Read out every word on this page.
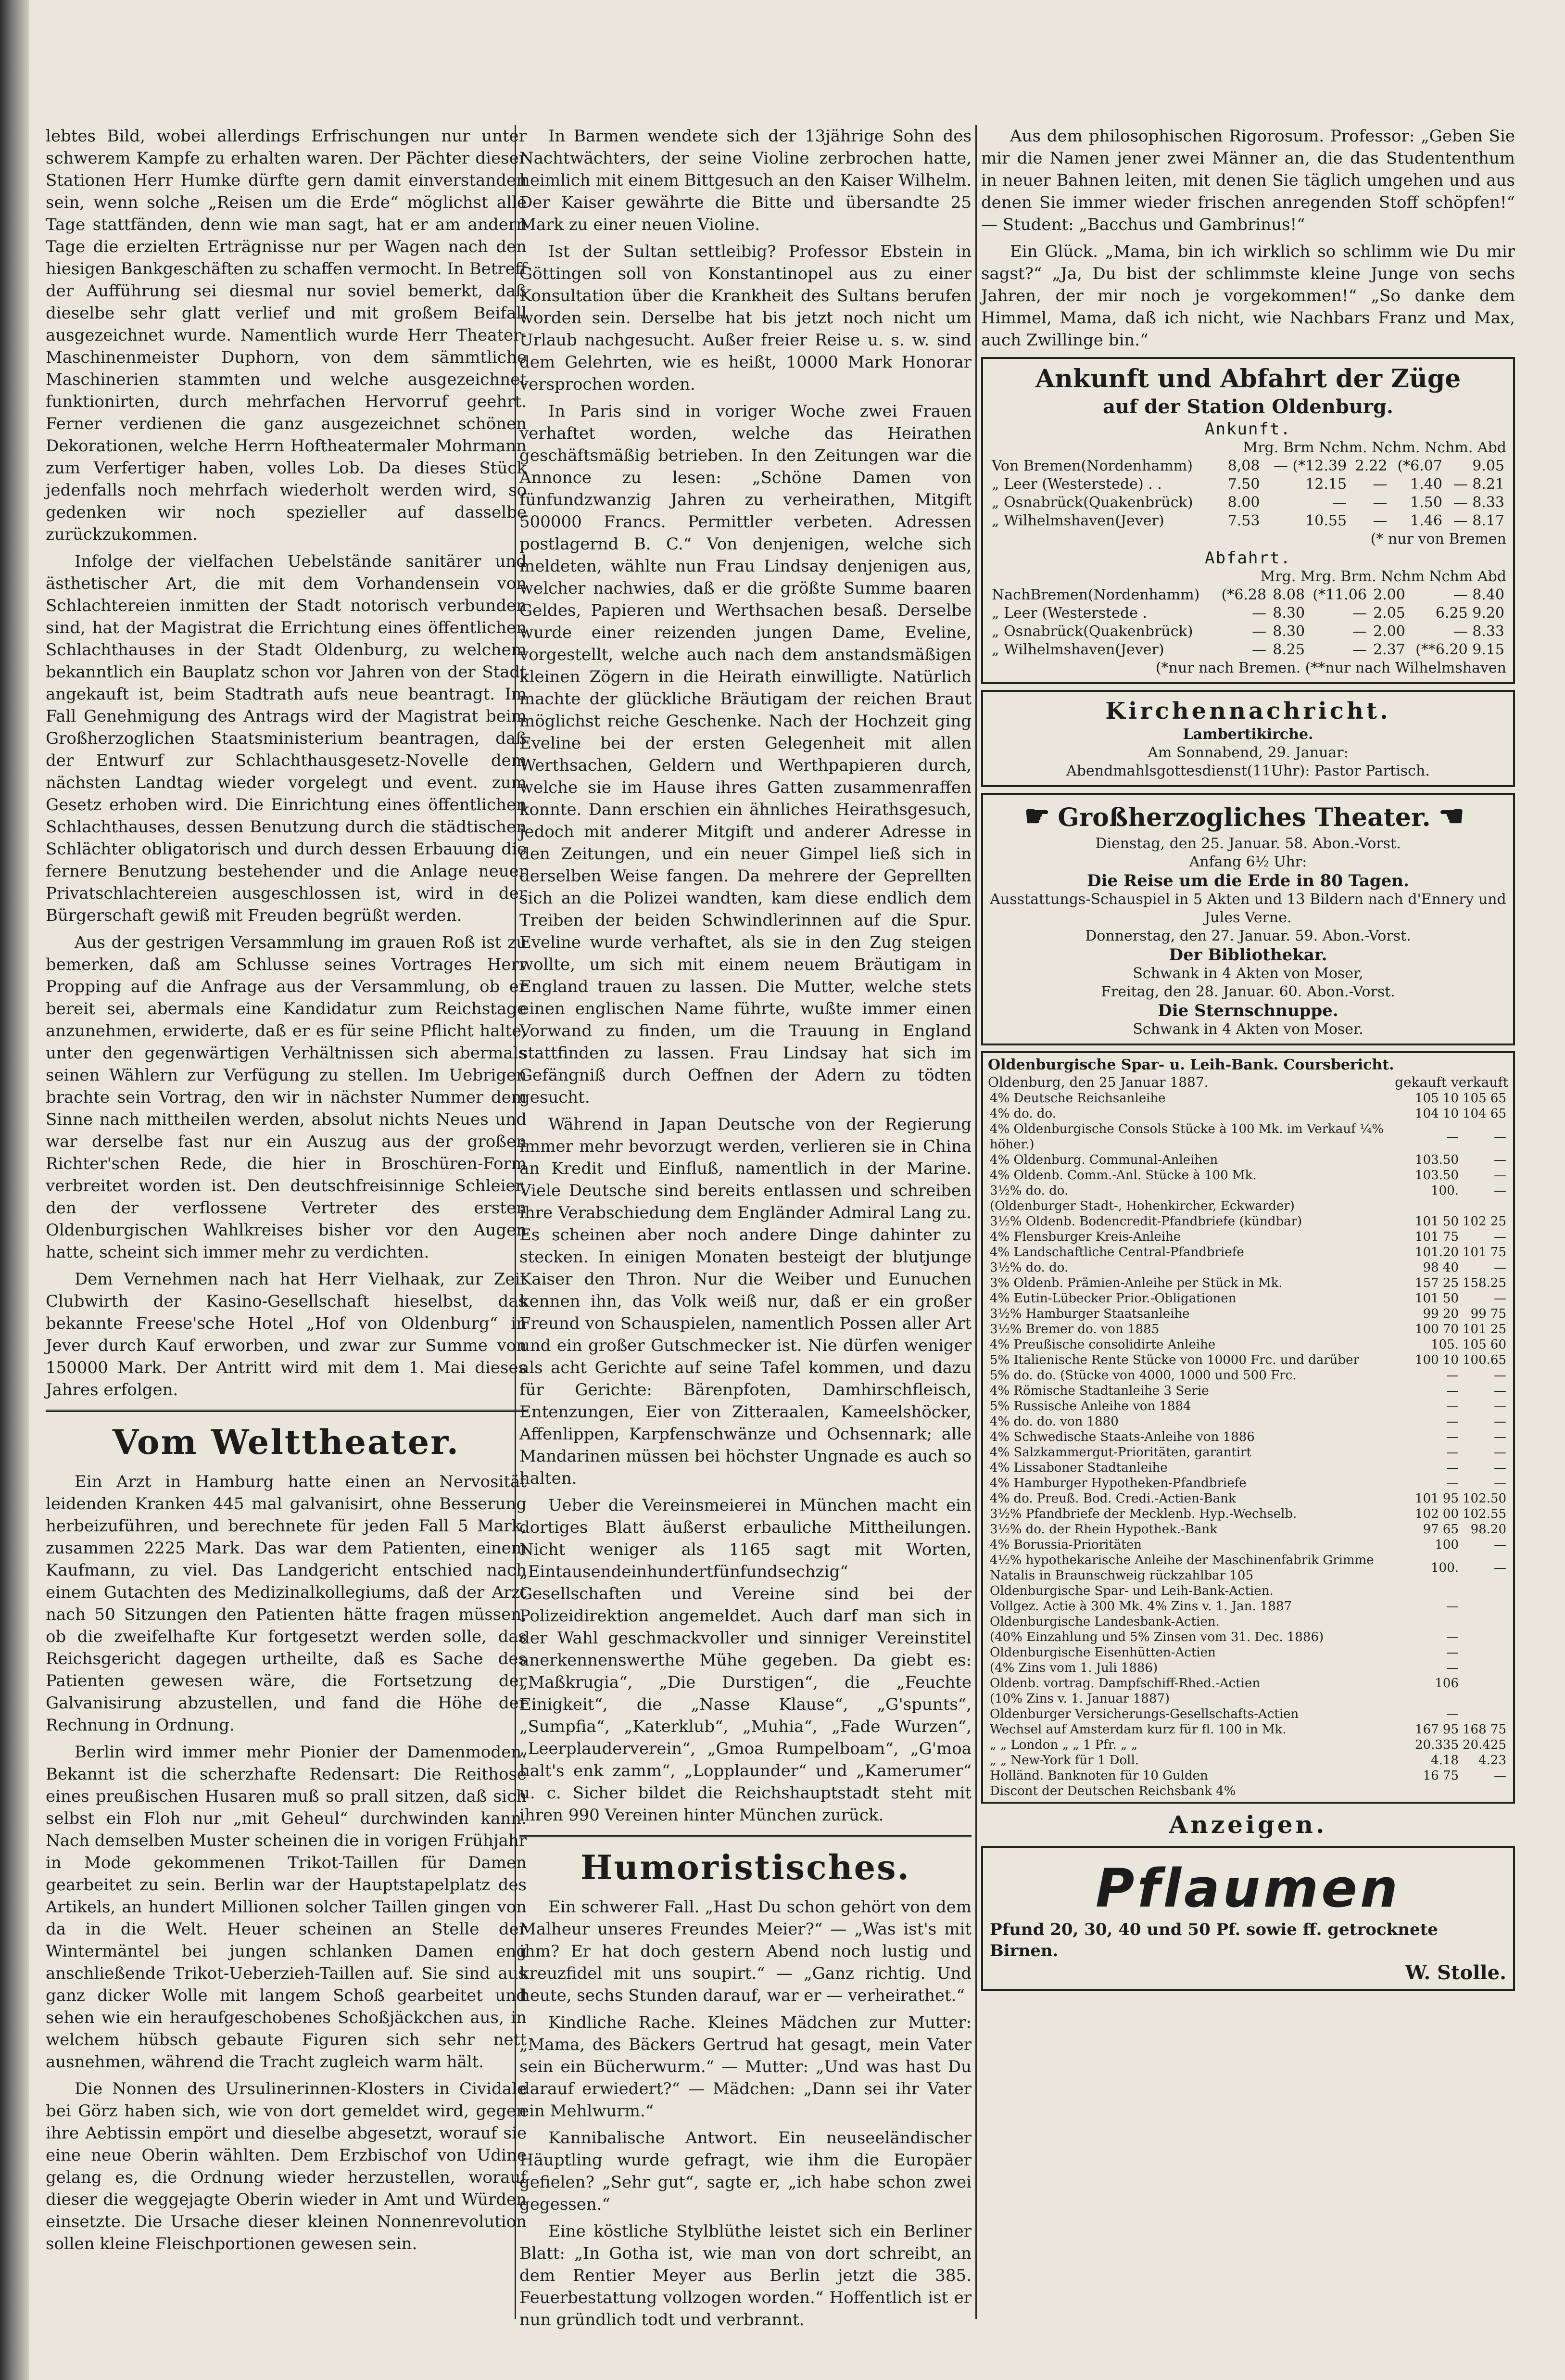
lebtes Bild, wobei allerdings Erfrischungen nur unter schwerem Kampfe zu erhalten waren. Der Pächter dieser Stationen Herr Humke dürfte gern damit einverstanden sein, wenn solche „Reisen um die Erde“ möglichst alle Tage stattfänden, denn wie man sagt, hat er am andern Tage die erzielten Erträgnisse nur per Wagen nach den hiesigen Bankgeschäften zu schaffen vermocht. In Betreff der Aufführung sei diesmal nur soviel bemerkt, daß dieselbe sehr glatt verlief und mit großem Beifall ausgezeichnet wurde. Namentlich wurde Herr Theater-Maschinenmeister Duphorn, von dem sämmtliche Maschinerien stammten und welche ausgezeichnet funktionirten, durch mehrfachen Hervorruf geehrt. Ferner verdienen die ganz ausgezeichnet schönen Dekorationen, welche Herrn Hoftheatermaler Mohrmann zum Verfertiger haben, volles Lob. Da dieses Stück jedenfalls noch mehrfach wiederholt werden wird, so gedenken wir noch spezieller auf dasselbe zurückzukommen.

Infolge der vielfachen Uebelstände sanitärer und ästhetischer Art, die mit dem Vorhandensein von Schlachtereien inmitten der Stadt notorisch verbunden sind, hat der Magistrat die Errichtung eines öffentlichen Schlachthauses in der Stadt Oldenburg, zu welchem bekanntlich ein Bauplatz schon vor Jahren von der Stadt angekauft ist, beim Stadtrath aufs neue beantragt. Im Fall Genehmigung des Antrags wird der Magistrat beim Großherzoglichen Staatsministerium beantragen, daß der Entwurf zur Schlachthausgesetz-Novelle dem nächsten Landtag wieder vorgelegt und event. zum Gesetz erhoben wird. Die Einrichtung eines öffentlichen Schlachthauses, dessen Benutzung durch die städtischen Schlächter obligatorisch und durch dessen Erbauung die fernere Benutzung bestehender und die Anlage neuer Privatschlachtereien ausgeschlossen ist, wird in der Bürgerschaft gewiß mit Freuden begrüßt werden.

Aus der gestrigen Versammlung im grauen Roß ist zu bemerken, daß am Schlusse seines Vortrages Herr Propping auf die Anfrage aus der Versammlung, ob er bereit sei, abermals eine Kandidatur zum Reichstage anzunehmen, erwiderte, daß er es für seine Pflicht halte, unter den gegenwärtigen Verhältnissen sich abermals seinen Wählern zur Verfügung zu stellen. Im Uebrigen brachte sein Vortrag, den wir in nächster Nummer dem Sinne nach mittheilen werden, absolut nichts Neues und war derselbe fast nur ein Auszug aus der großen Richter'schen Rede, die hier in Broschüren-Form verbreitet worden ist. Den deutschfreisinnige Schleier, den der verflossene Vertreter des ersten Oldenburgischen Wahlkreises bisher vor den Augen hatte, scheint sich immer mehr zu verdichten.

Dem Vernehmen nach hat Herr Vielhaak, zur Zeit Clubwirth der Kasino-Gesellschaft hieselbst, das bekannte Freese'sche Hotel „Hof von Oldenburg“ in Jever durch Kauf erworben, und zwar zur Summe von 150000 Mark. Der Antritt wird mit dem 1. Mai dieses Jahres erfolgen.

Vom Welttheater.

Ein Arzt in Hamburg hatte einen an Nervosität leidenden Kranken 445 mal galvanisirt, ohne Besserung herbeizuführen, und berechnete für jeden Fall 5 Mark, zusammen 2225 Mark. Das war dem Patienten, einem Kaufmann, zu viel. Das Landgericht entschied nach einem Gutachten des Medizinalkollegiums, daß der Arzt nach 50 Sitzungen den Patienten hätte fragen müssen, ob die zweifelhafte Kur fortgesetzt werden solle, das Reichsgericht dagegen urtheilte, daß es Sache des Patienten gewesen wäre, die Fortsetzung der Galvanisirung abzustellen, und fand die Höhe der Rechnung in Ordnung.

Berlin wird immer mehr Pionier der Damenmoden. Bekannt ist die scherzhafte Redensart: Die Reithose eines preußischen Husaren muß so prall sitzen, daß sich selbst ein Floh nur „mit Geheul“ durchwinden kann. Nach demselben Muster scheinen die in vorigen Frühjahr in Mode gekommenen Trikot-Taillen für Damen gearbeitet zu sein. Berlin war der Hauptstapelplatz des Artikels, an hundert Millionen solcher Taillen gingen von da in die Welt. Heuer scheinen an Stelle der Wintermäntel bei jungen schlanken Damen eng anschließende Trikot-Ueberzieh-Taillen auf. Sie sind aus ganz dicker Wolle mit langem Schoß gearbeitet und sehen wie ein heraufgeschobenes Schoßjäckchen aus, in welchem hübsch gebaute Figuren sich sehr nett ausnehmen, während die Tracht zugleich warm hält.

Die Nonnen des Ursulinerinnen-Klosters in Cividale bei Görz haben sich, wie von dort gemeldet wird, gegen ihre Aebtissin empört und dieselbe abgesetzt, worauf sie eine neue Oberin wählten. Dem Erzbischof von Udine gelang es, die Ordnung wieder herzustellen, worauf dieser die weggejagte Oberin wieder in Amt und Würden einsetzte. Die Ursache dieser kleinen Nonnenrevolution sollen kleine Fleischportionen gewesen sein.

In Barmen wendete sich der 13jährige Sohn des Nachtwächters, der seine Violine zerbrochen hatte, heimlich mit einem Bittgesuch an den Kaiser Wilhelm. Der Kaiser gewährte die Bitte und übersandte 25 Mark zu einer neuen Violine.

Ist der Sultan settleibig? Professor Ebstein in Göttingen soll von Konstantinopel aus zu einer Konsultation über die Krankheit des Sultans berufen worden sein. Derselbe hat bis jetzt noch nicht um Urlaub nachgesucht. Außer freier Reise u. s. w. sind dem Gelehrten, wie es heißt, 10000 Mark Honorar versprochen worden.

In Paris sind in voriger Woche zwei Frauen verhaftet worden, welche das Heirathen geschäftsmäßig betrieben. In den Zeitungen war die Annonce zu lesen: „Schöne Damen von fünfundzwanzig Jahren zu verheirathen, Mitgift 500000 Francs. Permittler verbeten. Adressen postlagernd B. C.“ Von denjenigen, welche sich meldeten, wählte nun Frau Lindsay denjenigen aus, welcher nachwies, daß er die größte Summe baaren Geldes, Papieren und Werthsachen besaß. Derselbe wurde einer reizenden jungen Dame, Eveline, vorgestellt, welche auch nach dem anstandsmäßigen kleinen Zögern in die Heirath einwilligte. Natürlich machte der glückliche Bräutigam der reichen Braut möglichst reiche Geschenke. Nach der Hochzeit ging Eveline bei der ersten Gelegenheit mit allen Werthsachen, Geldern und Werthpapieren durch, welche sie im Hause ihres Gatten zusammenraffen konnte. Dann erschien ein ähnliches Heirathsgesuch, jedoch mit anderer Mitgift und anderer Adresse in den Zeitungen, und ein neuer Gimpel ließ sich in derselben Weise fangen. Da mehrere der Geprellten sich an die Polizei wandten, kam diese endlich dem Treiben der beiden Schwindlerinnen auf die Spur. Eveline wurde verhaftet, als sie in den Zug steigen wollte, um sich mit einem neuem Bräutigam in England trauen zu lassen. Die Mutter, welche stets einen englischen Name führte, wußte immer einen Vorwand zu finden, um die Trauung in England stattfinden zu lassen. Frau Lindsay hat sich im Gefängniß durch Oeffnen der Adern zu tödten gesucht.

Während in Japan Deutsche von der Regierung immer mehr bevorzugt werden, verlieren sie in China an Kredit und Einfluß, namentlich in der Marine. Viele Deutsche sind bereits entlassen und schreiben ihre Verabschiedung dem Engländer Admiral Lang zu. Es scheinen aber noch andere Dinge dahinter zu stecken. In einigen Monaten besteigt der blutjunge Kaiser den Thron. Nur die Weiber und Eunuchen kennen ihn, das Volk weiß nur, daß er ein großer Freund von Schauspielen, namentlich Possen aller Art und ein großer Gutschmecker ist. Nie dürfen weniger als acht Gerichte auf seine Tafel kommen, und dazu für Gerichte: Bärenpfoten, Damhirschfleisch, Entenzungen, Eier von Zitteraalen, Kameelshöcker, Affenlippen, Karpfenschwänze und Ochsennark; alle Mandarinen müssen bei höchster Ungnade es auch so halten.

Ueber die Vereinsmeierei in München macht ein dortiges Blatt äußerst erbauliche Mittheilungen. Nicht weniger als 1165 sagt mit Worten, „Eintausendeinhundertfünfundsechzig“ Gesellschaften und Vereine sind bei der Polizeidirektion angemeldet. Auch darf man sich in der Wahl geschmackvoller und sinniger Vereinstitel anerkennenswerthe Mühe gegeben. Da giebt es: „Maßkrugia“, „Die Durstigen“, die „Feuchte Einigkeit“, die „Nasse Klause“, „G'spunts“, „Sumpfia“, „Katerklub“, „Muhia“, „Fade Wurzen“, „Leerplauderverein“, „Gmoa Rumpelboam“, „G'moa halt's enk zamm“, „Lopplaunder“ und „Kamerumer“ u. c. Sicher bildet die Reichshauptstadt steht mit ihren 990 Vereinen hinter München zurück.

Humoristisches.

Ein schwerer Fall. „Hast Du schon gehört von dem Malheur unseres Freundes Meier?“ — „Was ist's mit ihm? Er hat doch gestern Abend noch lustig und kreuzfidel mit uns soupirt.“ — „Ganz richtig. Und heute, sechs Stunden darauf, war er — verheirathet.“

Kindliche Rache. Kleines Mädchen zur Mutter: „Mama, des Bäckers Gertrud hat gesagt, mein Vater sein ein Bücherwurm.“ — Mutter: „Und was hast Du darauf erwiedert?“ — Mädchen: „Dann sei ihr Vater ein Mehlwurm.“

Kannibalische Antwort. Ein neuseeländischer Häuptling wurde gefragt, wie ihm die Europäer gefielen? „Sehr gut“, sagte er, „ich habe schon zwei gegessen.“

Eine köstliche Stylblüthe leistet sich ein Berliner Blatt: „In Gotha ist, wie man von dort schreibt, an dem Rentier Meyer aus Berlin jetzt die 385. Feuerbestattung vollzogen worden.“ Hoffentlich ist er nun gründlich todt und verbrannt.

Aus dem philosophischen Rigorosum. Professor: „Geben Sie mir die Namen jener zwei Männer an, die das Studententhum in neuer Bahnen leiten, mit denen Sie täglich umgehen und aus denen Sie immer wieder frischen anregenden Stoff schöpfen!“ — Student: „Bacchus und Gambrinus!“

Ein Glück. „Mama, bin ich wirklich so schlimm wie Du mir sagst?“ „Ja, Du bist der schlimmste kleine Junge von sechs Jahren, der mir noch je vorgekommen!“ „So danke dem Himmel, Mama, daß ich nicht, wie Nachbars Franz und Max, auch Zwillinge bin.“

Ankunft und Abfahrt der Züge
auf der Station Oldenburg.
Ankunft.
Mrg. Brm Nchm. Nchm. Nchm. Abd
Von Bremen(Nordenhamm)	8,08	— (*12.39	2.22	(*6.07	9.05
„ Leer (Westerstede) . .	7.50	12.15	—	1.40	— 8.21
„ Osnabrück(Quakenbrück)	8.00	—	—	1.50	— 8.33
„ Wilhelmshaven(Jever)	7.53	10.55	—	1.46	— 8.17
(* nur von Bremen
Abfahrt.
Mrg. Mrg. Brm. Nchm Nchm Abd
NachBremen(Nordenhamm)	(*6.28	8.08	(*11.06	2.00	— 8.40
„ Leer (Westerstede .	—	8.30	—	2.05	6.25 9.20
„ Osnabrück(Quakenbrück)	—	8.30	—	2.00	— 8.33
„ Wilhelmshaven(Jever)	—	8.25	—	2.37	(**6.20 9.15
(*nur nach Bremen. (**nur nach Wilhelmshaven
Kirchennachricht.
Lambertikirche.
Am Sonnabend, 29. Januar:
Abendmahlsgottesdienst(11Uhr): Pastor Partisch.
☛ Großherzogliches Theater. ☛
Dienstag, den 25. Januar. 58. Abon.-Vorst.
Anfang 6½ Uhr:
Die Reise um die Erde in 80 Tagen.
Ausstattungs-Schauspiel in 5 Akten und 13 Bildern nach d'Ennery und Jules Verne.
Donnerstag, den 27. Januar. 59. Abon.-Vorst.
Der Bibliothekar.
Schwank in 4 Akten von Moser,
Freitag, den 28. Januar. 60. Abon.-Vorst.
Die Sternschnuppe.
Schwank in 4 Akten von Moser.
Oldenburgische Spar- u. Leih-Bank. Coursbericht.
Oldenburg, den 25 Januar 1887.	gekauft verkauft
4% Deutsche Reichsanleihe	105 10	105 65
4% do. do.	104 10	104 65
4% Oldenburgische Consols Stücke à 100 Mk. im Verkauf ¼% höher.)	—	—
4% Oldenburg. Communal-Anleihen	103.50	—
4% Oldenb. Comm.-Anl. Stücke à 100 Mk.	103.50	—
3½% do. do.	100.	—
(Oldenburger Stadt-, Hohenkircher, Eckwarder)		
3½% Oldenb. Bodencredit-Pfandbriefe (kündbar)	101 50	102 25
4% Flensburger Kreis-Anleihe	101 75	—
4% Landschaftliche Central-Pfandbriefe	101.20	101 75
3½% do. do.	98 40	—
3% Oldenb. Prämien-Anleihe per Stück in Mk.	157 25	158.25
4% Eutin-Lübecker Prior.-Obligationen	101 50	—
3½% Hamburger Staatsanleihe	99 20	99 75
3½% Bremer do. von 1885	100 70	101 25
4% Preußische consolidirte Anleihe	105.	105 60
5% Italienische Rente Stücke von 10000 Frc. und darüber	100 10	100.65
5% do. do. (Stücke von 4000, 1000 und 500 Frc.	—	—
4% Römische Stadtanleihe 3 Serie	—	—
5% Russische Anleihe von 1884	—	—
4% do. do. von 1880	—	—
4% Schwedische Staats-Anleihe von 1886	—	—
4% Salzkammergut-Prioritäten, garantirt	—	—
4% Lissaboner Stadtanleihe	—	—
4% Hamburger Hypotheken-Pfandbriefe	—	—
4% do. Preuß. Bod. Credi.-Actien-Bank	101 95	102.50
3½% Pfandbriefe der Mecklenb. Hyp.-Wechselb.	102 00	102.55
3½% do. der Rhein Hypothek.-Bank	97 65	98.20
4% Borussia-Prioritäten	100	—
4½% hypothekarische Anleihe der Maschinenfabrik Grimme Natalis in Braunschweig rückzahlbar 105	100.	—
Oldenburgische Spar- und Leih-Bank-Actien.		
Vollgez. Actie à 300 Mk. 4% Zins v. 1. Jan. 1887	—	
Oldenburgische Landesbank-Actien.		
(40% Einzahlung und 5% Zinsen vom 31. Dec. 1886)	—	
Oldenburgische Eisenhütten-Actien	—	
(4% Zins vom 1. Juli 1886)	—	
Oldenb. vortrag. Dampfschiff-Rhed.-Actien	106	
(10% Zins v. 1. Januar 1887)		
Oldenburger Versicherungs-Gesellschafts-Actien	—	
Wechsel auf Amsterdam kurz für fl. 100 in Mk.	167 95	168 75
„ „ London „ „ 1 Pfr. „ „	20.335	20.425
„ „ New-York für 1 Doll.	4.18	4.23
Holländ. Banknoten für 10 Gulden	16 75	—
Discont der Deutschen Reichsbank 4%		
Anzeigen.
Pflaumen
Pfund 20, 30, 40 und 50 Pf. sowie ff. getrocknete Birnen.
W. Stolle.
